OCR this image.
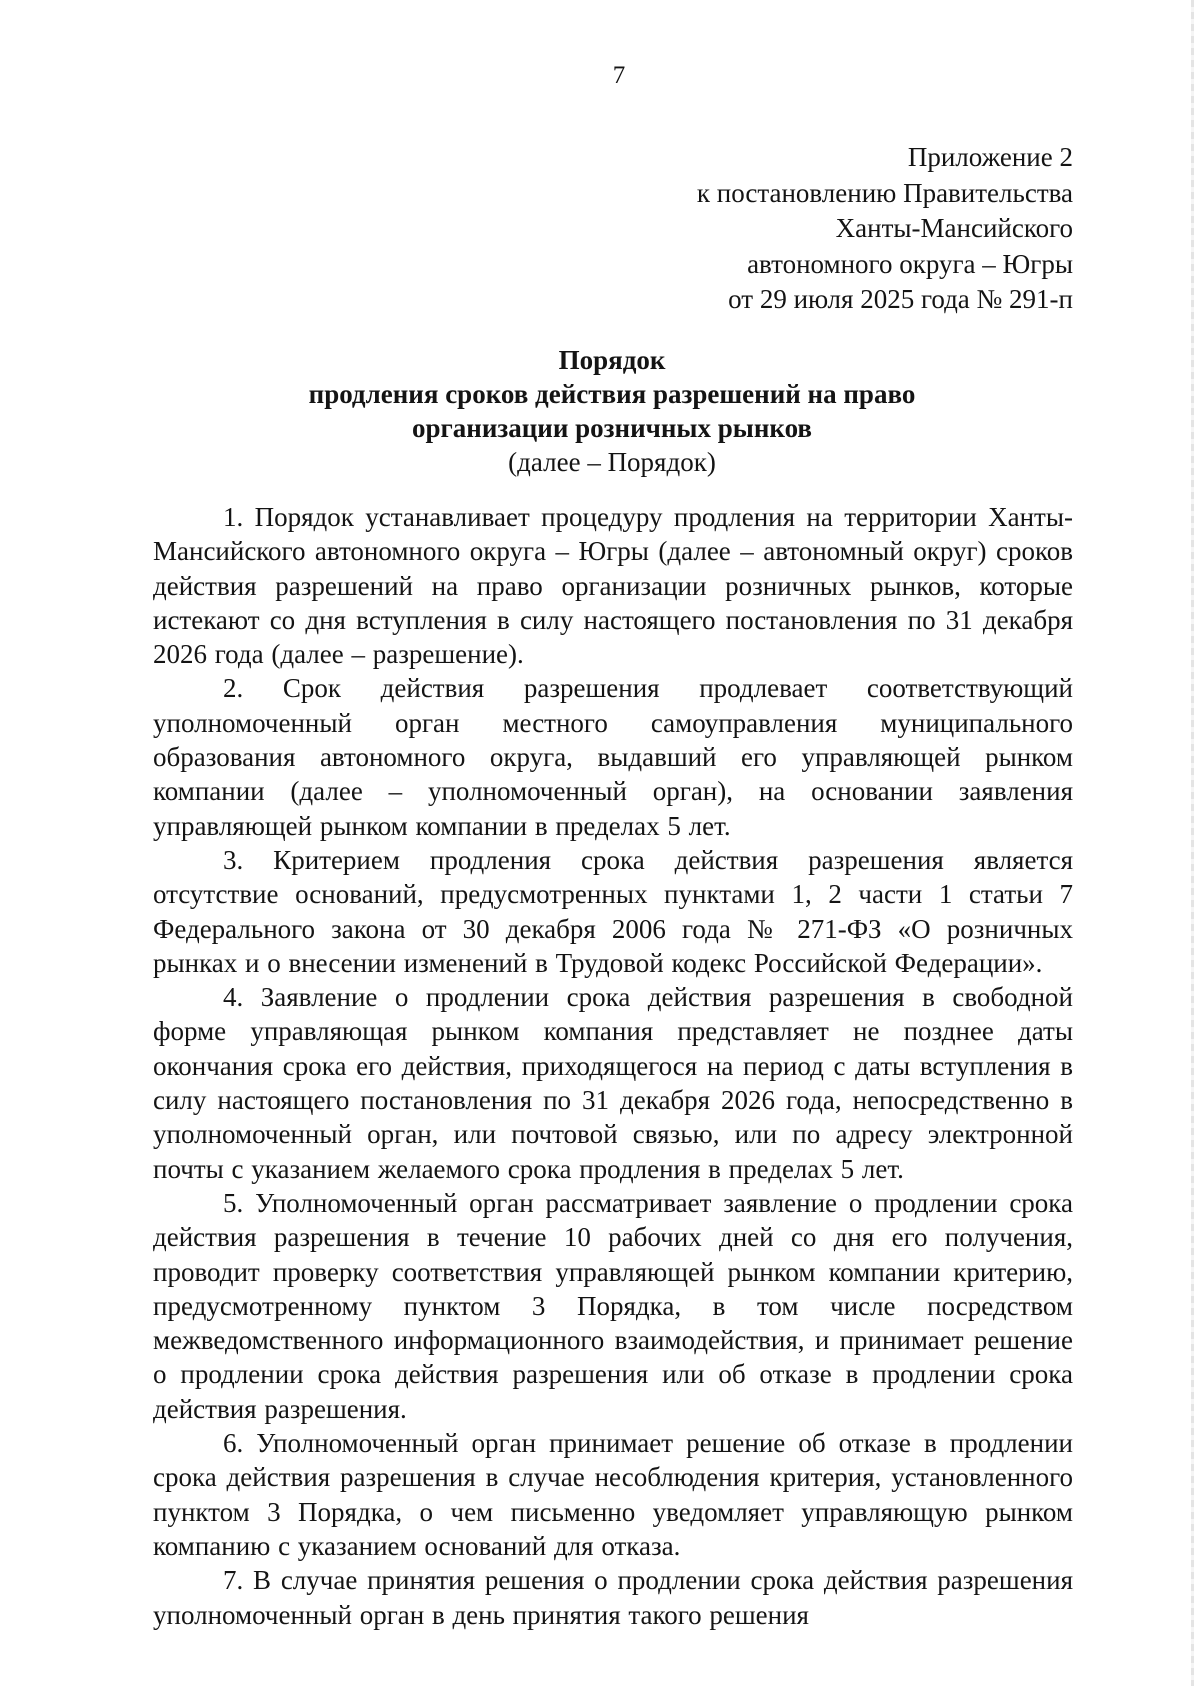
7
Приложение 2
к постановлению Правительства
Ханты-Мансийского
автономного округа – Югры
от 29 июля 2025 года № 291-п
Порядок
продления сроков действия разрешений на право
организации розничных рынков
(далее – Порядок)

1. Порядок устанавливает процедуру продления на территории Ханты-Мансийского автономного округа – Югры (далее – автономный округ) сроков действия разрешений на право организации розничных рынков, которые истекают со дня вступления в силу настоящего постановления по 31 декабря 2026 года (далее – разрешение).

2. Срок действия разрешения продлевает соответствующий уполномоченный орган местного самоуправления муниципального образования автономного округа, выдавший его управляющей рынком компании (далее – уполномоченный орган), на основании заявления управляющей рынком компании в пределах 5 лет.

3. Критерием продления срока действия разрешения является отсутствие оснований, предусмотренных пунктами 1, 2 части 1 статьи 7 Федерального закона от 30 декабря 2006 года № 271-ФЗ «О розничных рынках и о внесении изменений в Трудовой кодекс Российской Федерации».

4. Заявление о продлении срока действия разрешения в свободной форме управляющая рынком компания представляет не позднее даты окончания срока его действия, приходящегося на период с даты вступления в силу настоящего постановления по 31 декабря 2026 года, непосредственно в уполномоченный орган, или почтовой связью, или по адресу электронной почты с указанием желаемого срока продления в пределах 5 лет.

5. Уполномоченный орган рассматривает заявление о продлении срока действия разрешения в течение 10 рабочих дней со дня его получения, проводит проверку соответствия управляющей рынком компании критерию, предусмотренному пунктом 3 Порядка, в том числе посредством межведомственного информационного взаимодействия, и принимает решение о продлении срока действия разрешения или об отказе в продлении срока действия разрешения.

6. Уполномоченный орган принимает решение об отказе в продлении срока действия разрешения в случае несоблюдения критерия, установленного пунктом 3 Порядка, о чем письменно уведомляет управляющую рынком компанию с указанием оснований для отказа.

7. В случае принятия решения о продлении срока действия разрешения уполномоченный орган в день принятия такого решения
